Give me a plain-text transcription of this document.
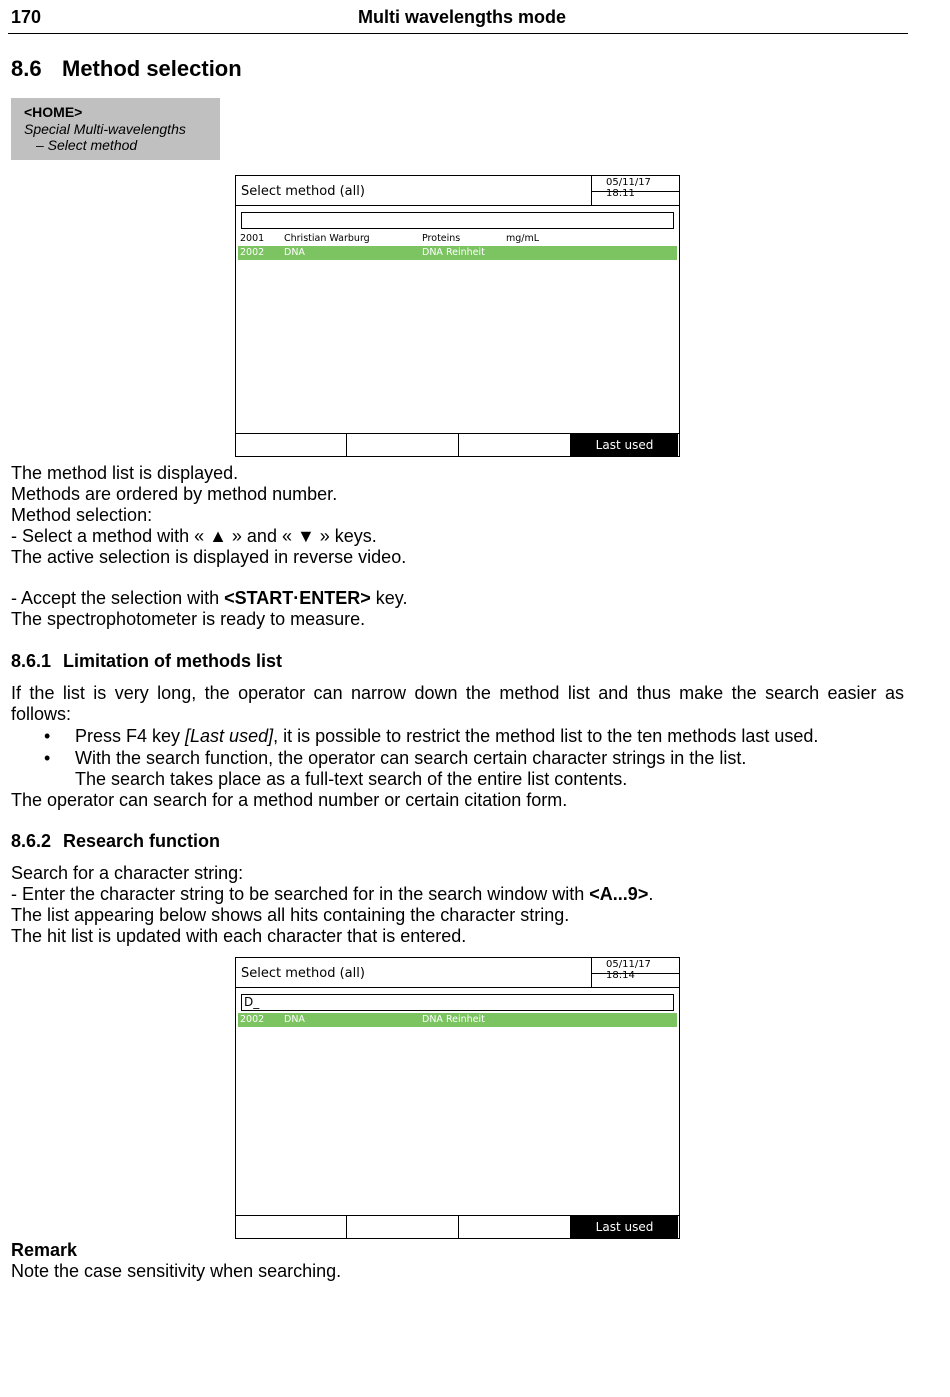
170	Multi wavelengths mode
8.6 Method selection
<HOME>
Special Multi-wavelengths
– Select method
Select method (all)
05/11/17 18:11
2001 Christian Warburg	Proteins	mg/mL
2002 DNA	DNA Reinheit
Last used
The method list is displayed.
Methods are ordered by method number.
Method selection:
- Select a method with « ▲ » and « ▼ » keys.
The active selection is displayed in reverse video.
- Accept the selection with <START·ENTER> key.
The spectrophotometer is ready to measure.
8.6.1 Limitation of methods list
If the list is very long, the operator can narrow down the method list and thus make the search easier as
follows:
• Press F4 key [Last used], it is possible to restrict the method list to the ten methods last used.
• With the search function, the operator can search certain character strings in the list.
The search takes place as a full-text search of the entire list contents.
The operator can search for a method number or certain citation form.
8.6.2 Research function
Search for a character string:
- Enter the character string to be searched for in the search window with <A...9>.
The list appearing below shows all hits containing the character string.
The hit list is updated with each character that is entered.
Select method (all)
05/11/17 18:14
D_
2002 DNA	DNA Reinheit
Last used
Remark
Note the case sensitivity when searching.
